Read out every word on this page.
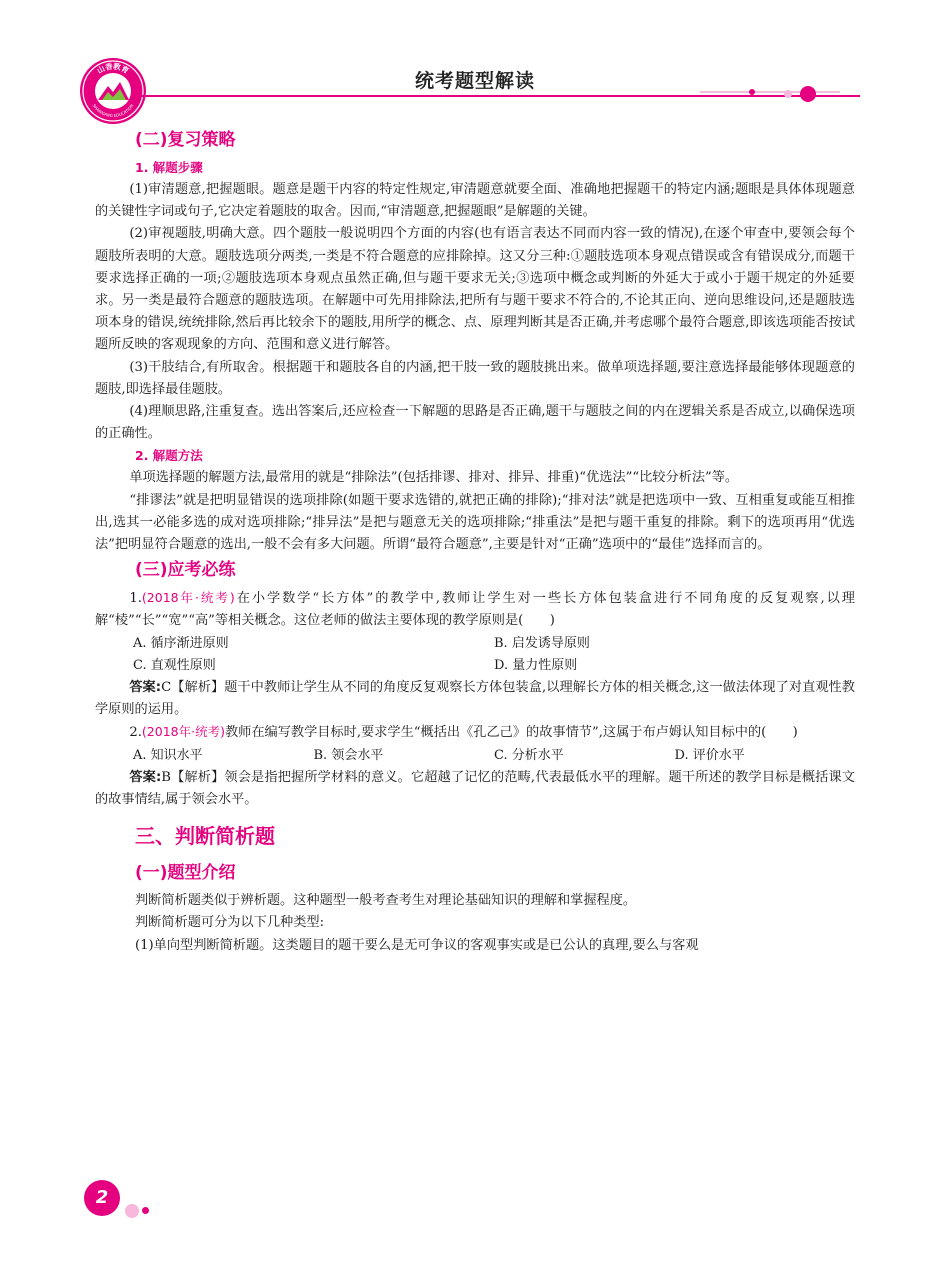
山香教育
SHANXIANG EDUCATION
统考题型解读
(二)复习策略
1. 解题步骤

(1)审清题意,把握题眼。题意是题干内容的特定性规定,审清题意就要全面、准确地把握题干的特定内涵;题眼是具体体现题意的关键性字词或句子,它决定着题肢的取舍。因而,“审清题意,把握题眼”是解题的关键。

(2)审视题肢,明确大意。四个题肢一般说明四个方面的内容(也有语言表达不同而内容一致的情况),在逐个审查中,要领会每个题肢所表明的大意。题肢选项分两类,一类是不符合题意的应排除掉。这又分三种:①题肢选项本身观点错误或含有错误成分,而题干要求选择正确的一项;②题肢选项本身观点虽然正确,但与题干要求无关;③选项中概念或判断的外延大于或小于题干规定的外延要求。另一类是最符合题意的题肢选项。在解题中可先用排除法,把所有与题干要求不符合的,不论其正向、逆向思维设问,还是题肢选项本身的错误,统统排除,然后再比较余下的题肢,用所学的概念、点、原理判断其是否正确,并考虑哪个最符合题意,即该选项能否按试题所反映的客观现象的方向、范围和意义进行解答。

(3)干肢结合,有所取舍。根据题干和题肢各自的内涵,把干肢一致的题肢挑出来。做单项选择题,要注意选择最能够体现题意的题肢,即选择最佳题肢。

(4)理顺思路,注重复查。选出答案后,还应检查一下解题的思路是否正确,题干与题肢之间的内在逻辑关系是否成立,以确保选项的正确性。

2. 解题方法

单项选择题的解题方法,最常用的就是“排除法”(包括排谬、排对、排异、排重)“优选法”“比较分析法”等。

“排谬法”就是把明显错误的选项排除(如题干要求选错的,就把正确的排除);“排对法”就是把选项中一致、互相重复或能互相推出,选其一必能多选的成对选项排除;“排异法”是把与题意无关的选项排除;“排重法”是把与题干重复的排除。剩下的选项再用“优选法”把明显符合题意的选出,一般不会有多大问题。所谓“最符合题意”,主要是针对“正确”选项中的“最佳”选择而言的。

(三)应考必练

1.(2018年·统考)在小学数学“长方体”的教学中,教师让学生对一些长方体包装盒进行不同角度的反复观察,以理解“棱”“长”“宽”“高”等相关概念。这位老师的做法主要体现的教学原则是(　　)

A. 循序渐进原则	B. 启发诱导原则
C. 直观性原则	D. 量力性原则

答案:C【解析】题干中教师让学生从不同的角度反复观察长方体包装盒,以理解长方体的相关概念,这一做法体现了对直观性教学原则的运用。

2.(2018年·统考)教师在编写教学目标时,要求学生“概括出《孔乙己》的故事情节”,这属于布卢姆认知目标中的(　　)

A. 知识水平	B. 领会水平	C. 分析水平	D. 评价水平

答案:B【解析】领会是指把握所学材料的意义。它超越了记忆的范畴,代表最低水平的理解。题干所述的教学目标是概括课文的故事情结,属于领会水平。

三、判断简析题
(一)题型介绍

判断简析题类似于辨析题。这种题型一般考查考生对理论基础知识的理解和掌握程度。

判断简析题可分为以下几种类型:

(1)单向型判断简析题。这类题目的题干要么是无可争议的客观事实或是已公认的真理,要么与客观

2
